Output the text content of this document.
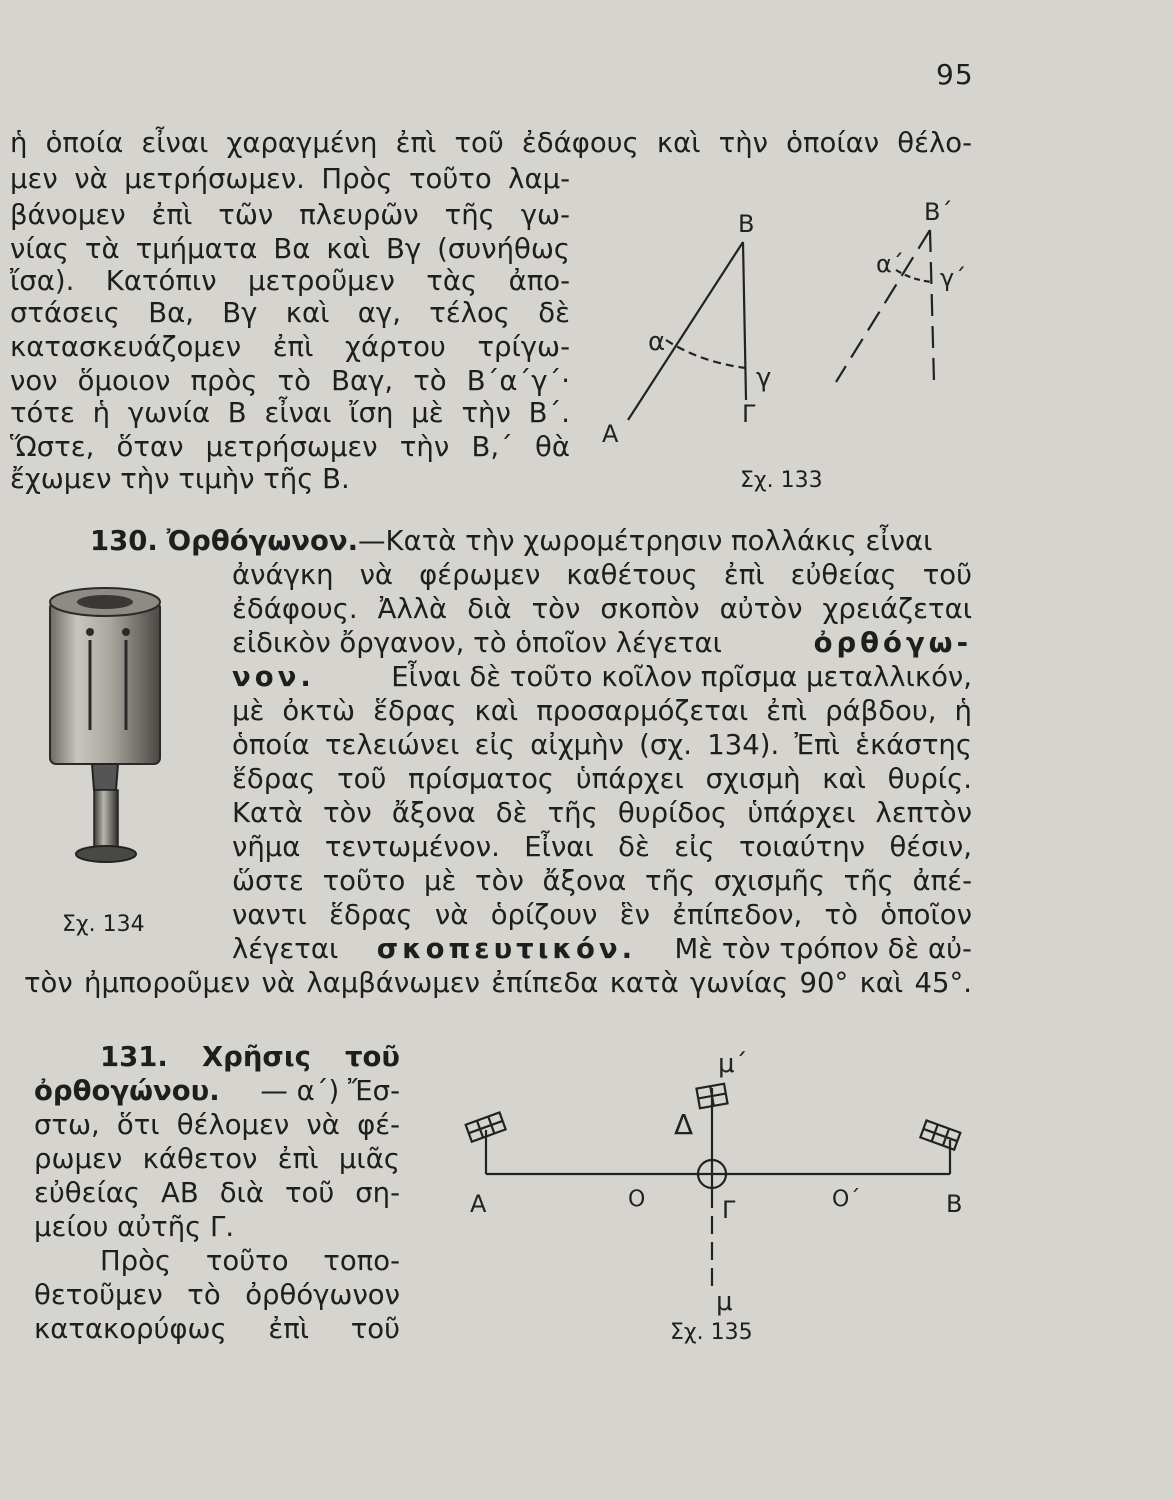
95
ἡ ὁποία εἶναι χαραγμένη ἐπὶ τοῦ ἐδάφους καὶ τὴν ὁποίαν θέλο-
μεν νὰ μετρήσωμεν. Πρὸς τοῦτο λαμ-
βάνομεν ἐπὶ τῶν πλευρῶν τῆς γω-
νίας τὰ τμήματα Βα καὶ Βγ (συνήθως
ἴσα). Κατόπιν μετροῦμεν τὰς ἀπο-
στάσεις Βα, Βγ καὶ αγ, τέλος δὲ
κατασκευάζομεν ἐπὶ χάρτου τρίγω-
νον ὅμοιον πρὸς τὸ Βαγ, τὸ Β΄α΄γ΄·
τότε ἡ γωνία Β εἶναι ἴση μὲ τὴν Β΄.
Ὥστε, ὅταν μετρήσωμεν τὴν Β,΄ θὰ
ἔχωμεν τὴν τιμὴν τῆς Β.
Β
α
γ
Α
Γ
Β΄
α΄ γ΄
Σχ. 133
130. Ὀρθόγωνον.—Κατὰ τὴν χωρομέτρησιν πολλάκις εἶναι
ἀνάγκη νὰ φέρωμεν καθέτους ἐπὶ εὐθείας τοῦ
ἐδάφους. Ἀλλὰ διὰ τὸν σκοπὸν αὐτὸν χρειάζεται
εἰδικὸν ὄργανον, τὸ ὁποῖον λέγεται	ὀρθόγω-
νον.	Εἶναι δὲ τοῦτο κοῖλον πρῖσμα μεταλλικόν,
μὲ ὀκτὼ ἕδρας καὶ προσαρμόζεται ἐπὶ ράβδου, ἡ
ὁποία τελειώνει εἰς αἰχμὴν (σχ. 134). Ἐπὶ ἑκάστης
ἕδρας τοῦ πρίσματος ὑπάρχει σχισμὴ καὶ θυρίς.
Κατὰ τὸν ἄξονα δὲ τῆς θυρίδος ὑπάρχει λεπτὸν
νῆμα τεντωμένον. Εἶναι δὲ εἰς τοιαύτην θέσιν,
ὥστε τοῦτο μὲ τὸν ἄξονα τῆς σχισμῆς τῆς ἀπέ-
ναντι ἕδρας νὰ ὁρίζουν ἓν ἐπίπεδον, τὸ ὁποῖον
λέγεται σκοπευτικόν. Μὲ τὸν τρόπον δὲ αὐ-
τὸν ἠμποροῦμεν νὰ λαμβάνωμεν ἐπίπεδα κατὰ γωνίας 90° καὶ 45°.
Σχ. 134
131. Χρῆσις τοῦ
ὀρθογώνου. — α΄) Ἔσ-
στω, ὅτι θέλομεν νὰ φέ-
ρωμεν κάθετον ἐπὶ μιᾶς
εὐθείας ΑΒ διὰ τοῦ ση-
μείου αὐτῆς Γ.
Πρὸς τοῦτο τοπο-
θετοῦμεν τὸ ὀρθόγωνον
κατακορύφως ἐπὶ τοῦ
Α	Ο	Γ	Ο΄	Β
Δ
μ΄
μ
Σχ. 135
